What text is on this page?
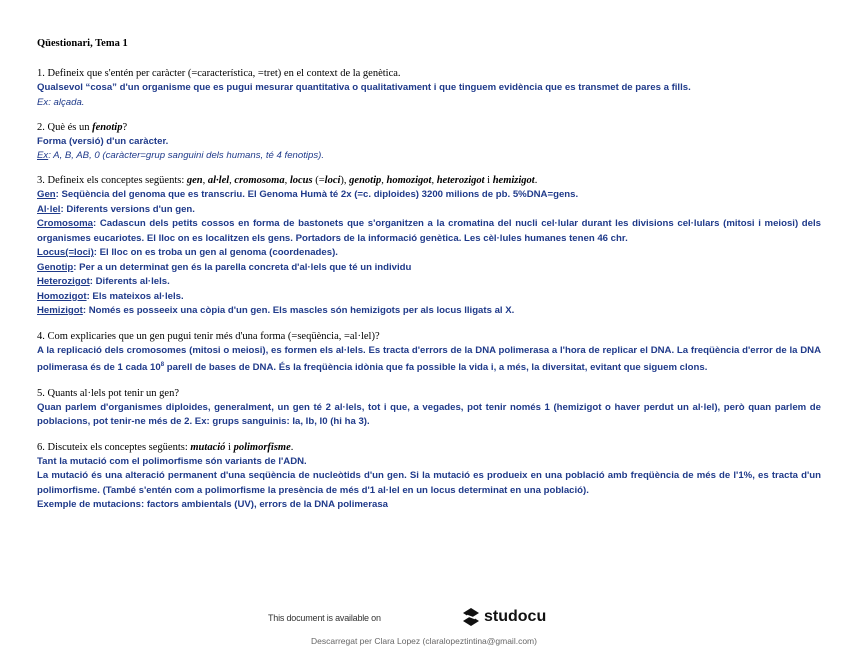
Qüestionari, Tema 1
1. Defineix que s'entén per caràcter (=característica, =tret) en el context de la genètica.
Qualsevol “cosa” d'un organisme que es pugui mesurar quantitativa o qualitativament i que tinguem evidència que es transmet de pares a fills.
Ex: alçada.
2. Què és un fenotip?
Forma (versió) d'un caràcter.
Ex: A, B, AB, 0 (caràcter=grup sanguini dels humans, té 4 fenotips).
3. Defineix els conceptes següents: gen, al·lel, cromosoma, locus (=loci), genotip, homozigot, heterozigot i hemizigot.
Gen: Seqüència del genoma que es transcriu. El Genoma Humà té 2x (=c. diploides) 3200 milions de pb. 5%DNA=gens.
Al·lel: Diferents versions d'un gen.
Cromosoma: Cadascun dels petits cossos en forma de bastonets que s'organitzen a la cromatina del nucli cel·lular durant les divisions cel·lulars (mitosi i meiosi) dels organismes eucariotes. El lloc on es localitzen els gens. Portadors de la informació genètica. Les cèl·lules humanes tenen 46 chr.
Locus(=loci): El lloc on es troba un gen al genoma (coordenades).
Genotip: Per a un determinat gen és la parella concreta d'al·lels que té un individu
Heterozigot: Diferents al·lels.
Homozigot: Els mateixos al·lels.
Hemizigot: Només es posseeix una còpia d'un gen. Els mascles són hemizigots per als locus lligats al X.
4. Com explicaries que un gen pugui tenir més d'una forma (=seqüència, =al·lel)?
A la replicació dels cromosomes (mitosi o meiosi), es formen els al·lels. Es tracta d'errors de la DNA polimerasa a l'hora de replicar el DNA. La freqüència d'error de la DNA polimerasa és de 1 cada $10^8$ parell de bases de DNA. És la freqüència idònia que fa possible la vida i, a més, la diversitat, evitant que siguem clons.
5. Quants al·lels pot tenir un gen?
Quan parlem d'organismes diploides, generalment, un gen té 2 al·lels, tot i que, a vegades, pot tenir només 1 (hemizigot o haver perdut un al·lel), però quan parlem de poblacions, pot tenir-ne més de 2. Ex: grups sanguinis: Ia, Ib, I0 (hi ha 3).
6. Discuteix els conceptes següents: mutació i polimorfisme.
Tant la mutació com el polimorfisme són variants de l'ADN.
La mutació és una alteració permanent d'una seqüència de nucleòtids d'un gen. Si la mutació es produeix en una població amb freqüència de més de l'1%, es tracta d'un polimorfisme. (També s'entén com a polimorfisme la presència de més d'1 al·lel en un locus determinat en una població).
Exemple de mutacions: factors ambientals (UV), errors de la DNA polimerasa
This document is available on	studocu
Descarregat per Clara Lopez (claralopeztintina@gmail.com)
